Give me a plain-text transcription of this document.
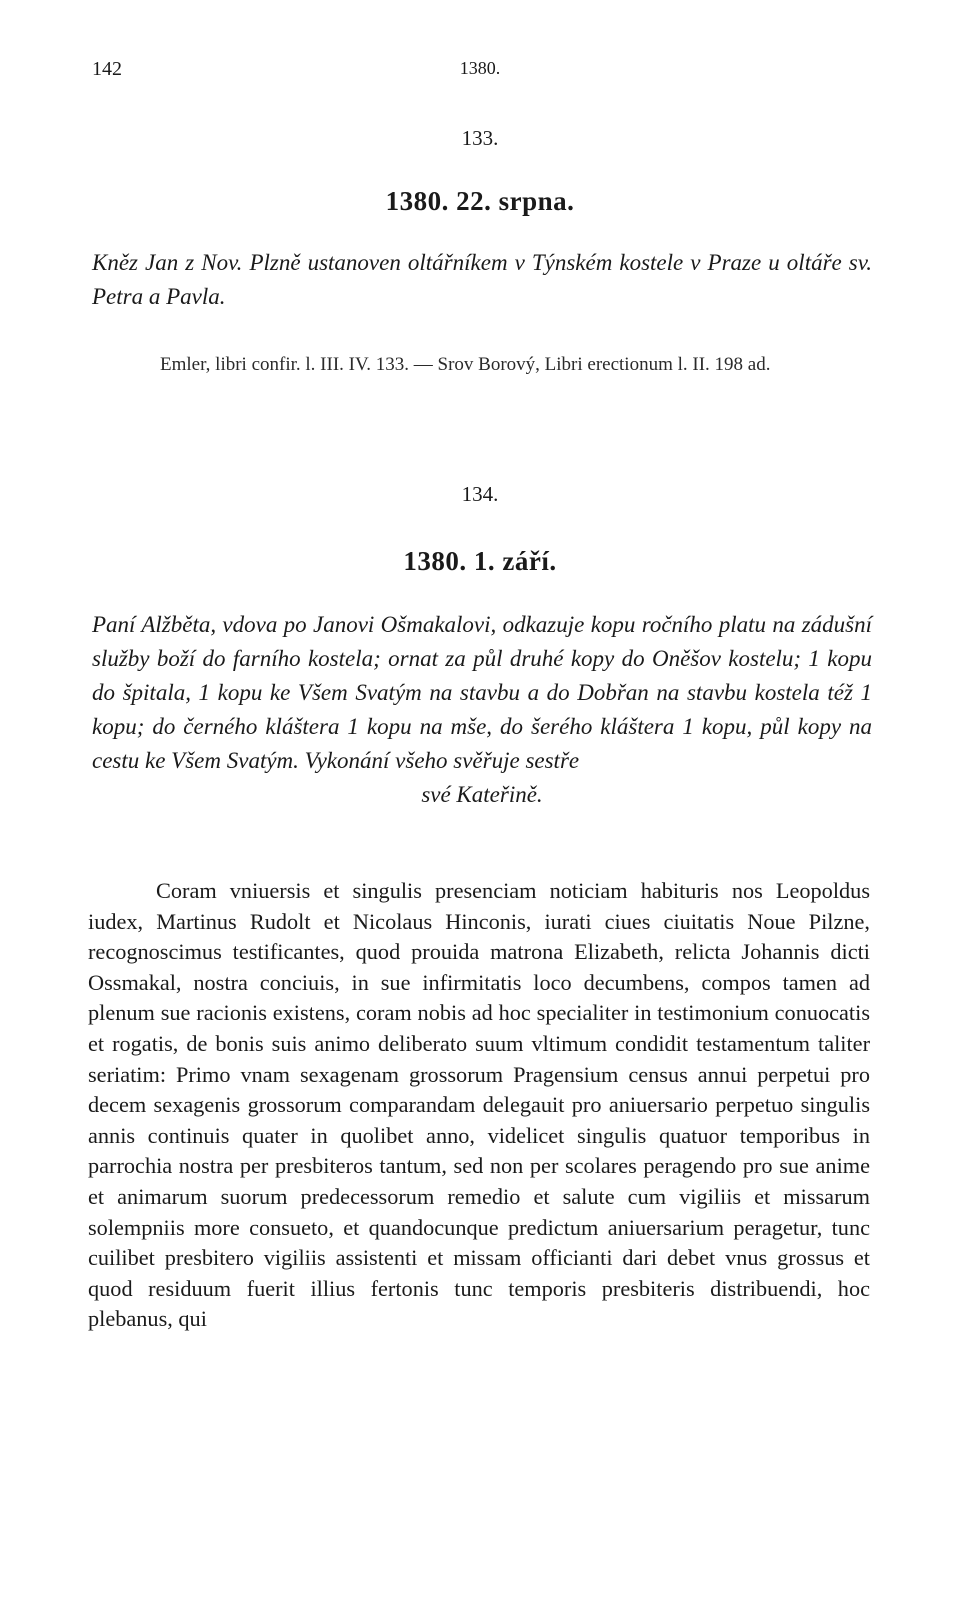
142	1380.
133.
1380. 22. srpna.
Kněz Jan z Nov. Plzně ustanoven oltářníkem v Týnském kostele v Praze u oltáře sv. Petra a Pavla.
Emler, libri confir. l. III. IV. 133. — Srov Borový, Libri erectionum l. II. 198 ad.
134.
1380. 1. září.
Paní Alžběta, vdova po Janovi Ošmakalovi, odkazuje kopu ročního platu na zádušní služby boží do farního kostela; ornat za půl druhé kopy do Oněšov kostelu; 1 kopu do špitala, 1 kopu ke Všem Svatým na stavbu a do Dobřan na stavbu kostela též 1 kopu; do černého kláštera 1 kopu na mše, do šerého kláštera 1 kopu, půl kopy na cestu ke Všem Svatým. Vykonání všeho svěřuje sestře
své Kateřině.
Coram vniuersis et singulis presenciam noticiam habituris nos Leopoldus iudex, Martinus Rudolt et Nicolaus Hinconis, iurati ciues ciuitatis Noue Pilzne, recognoscimus testificantes, quod prouida matrona Elizabeth, relicta Johannis dicti Ossmakal, nostra conciuis, in sue infirmitatis loco decumbens, compos tamen ad plenum sue racionis existens, coram nobis ad hoc specialiter in testimonium conuocatis et rogatis, de bonis suis animo deliberato suum vltimum condidit testamentum taliter seriatim: Primo vnam sexagenam grossorum Pragensium census annui perpetui pro decem sexagenis grossorum comparandam delegauit pro aniuersario perpetuo singulis annis continuis quater in quolibet anno, videlicet singulis quatuor temporibus in parrochia nostra per presbiteros tantum, sed non per scolares peragendo pro sue anime et animarum suorum predecessorum remedio et salute cum vigiliis et missarum solempniis more consueto, et quandocunque predictum aniuersarium peragetur, tunc cuilibet presbitero vigiliis assistenti et missam officianti dari debet vnus grossus et quod residuum fuerit illius fertonis tunc temporis presbiteris distribuendi, hoc plebanus, qui
